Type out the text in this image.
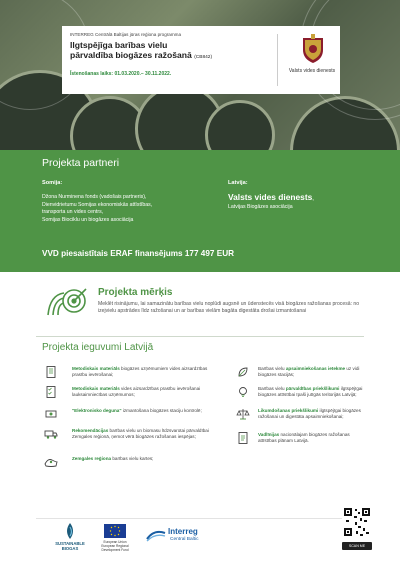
INTERREG Centrālā Baltijas jūras reģiona programma
Ilgtspējīga barības vielu
pārvaldība biogāzes ražošanā (CB842)
Īstenošanas laiks: 01.03.2020.– 30.11.2022.	Valsts vides dienests
Projekta partneri
Somija:
Džona Nurminena fonds (vadošais partneris),
Dienvidrietumu Somijas ekonomiskās attīstības,
transporta un vides centrs,
Somijas Biociklu un biogāzes asociācija
Latvija:
Valsts vides dienests,
Latvijas Biogāzes asociācija
VVD piesaistītais ERAF finansējums 177 497 EUR
Projekta mērķis
Meklēt risinājumu, lai samazinātu barības vielu noplūdi augsnē un ūdenstecēs visā biogāzes ražošanas procesā: no izejvielu apstrādes līdz ražošanai un ar barības vielām bagāta digestāta drošai izmantošanai
Projekta ieguvumi Latvijā
Metodiskais materiāls biogāzes uzņēmumiem vides aizsardzības prasību ievērošanai;
Metodiskais materiāls vides aizsardzības prasību ievērošanai lauksaimniecības uzņēmumos;
"Elektronisko deguna" izmantošana biogāzes staciju kontrolē;
Rekomendācijas barības vielu un biomasu līdzsvarotai pārvaldībai Zemgales reģionā, ņemot vērā biogāzes ražošanas iespējas;
Zemgales reģiona barības vielu kartes;
Barības vielu apsaimniekošanas ietekme uz vidi biogāzes stacijās;
Barības vielu pārvaldības priekšlikumi ilgtspējīgai biogāzes attīstībai īpaši jutīgās teritorijās Latvijā;
Likumdošanas priekšlikumi ilgtspējīgai biogāzes ražošanai un digestāta apsaimniekošanai;
Vadlīnijas nacionālajam biogāzes ražošanas attīstības plānam Latvijā.
SUSTAINABLE
BIOGAS
European Union
European Regional
Development Fund
Interreg
Central Baltic
SCAN ME
